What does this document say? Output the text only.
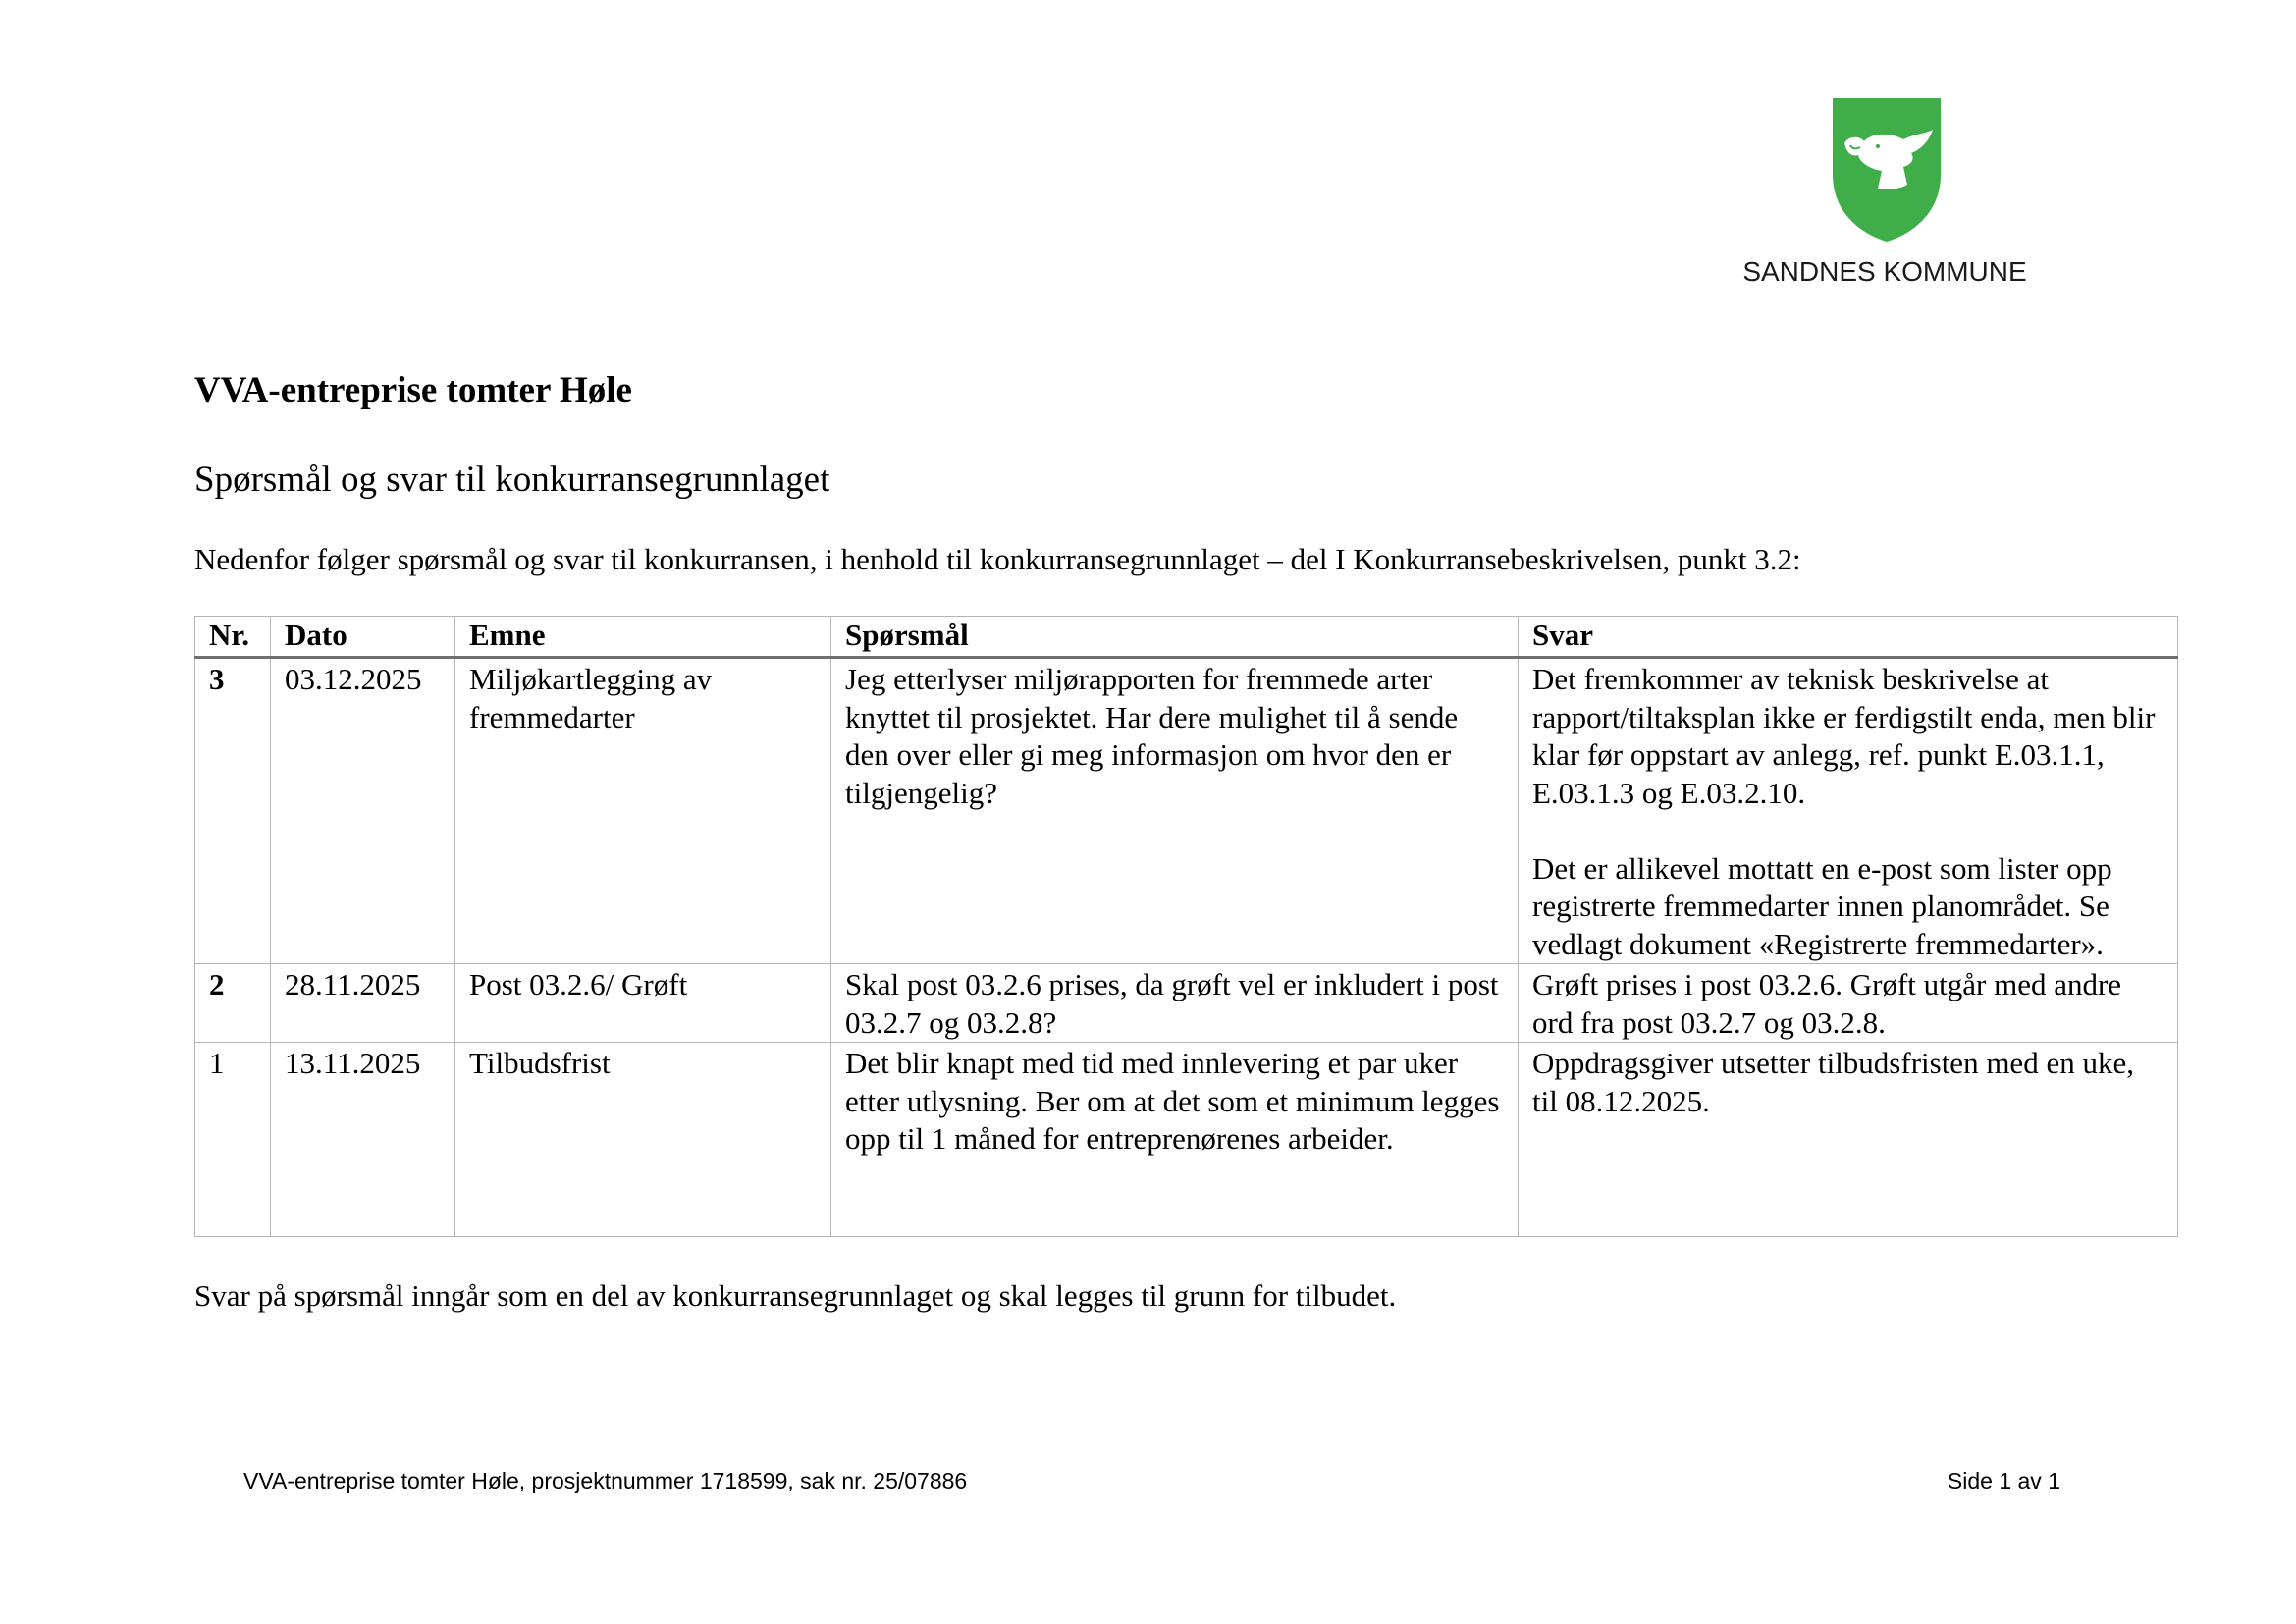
SANDNES KOMMUNE
VVA-entreprise tomter Høle
Spørsmål og svar til konkurransegrunnlaget

Nedenfor følger spørsmål og svar til konkurransen, i henhold til konkurransegrunnlaget – del I Konkurransebeskrivelsen, punkt 3.2:

Nr.	Dato	Emne	Spørsmål	Svar
3	03.12.2025	Miljøkartlegging av fremmedarter	Jeg etterlyser miljørapporten for fremmede arter knyttet til prosjektet. Har dere mulighet til å sende den over eller gi meg informasjon om hvor den er tilgjengelig?	Det fremkommer av teknisk beskrivelse at rapport/tiltaksplan ikke er ferdigstilt enda, men blir klar før oppstart av anlegg, ref. punkt E.03.1.1, E.03.1.3 og E.03.2.10.

Det er allikevel mottatt en e-post som lister opp registrerte fremmedarter innen planområdet. Se vedlagt dokument «Registrerte fremmedarter».

2	28.11.2025	Post 03.2.6/ Grøft	Skal post 03.2.6 prises, da grøft vel er inkludert i post 03.2.7 og 03.2.8?	Grøft prises i post 03.2.6. Grøft utgår med andre ord fra post 03.2.7 og 03.2.8.
1	13.11.2025	Tilbudsfrist	Det blir knapt med tid med innlevering et par uker etter utlysning. Ber om at det som et minimum legges opp til 1 måned for entreprenørenes arbeider.	Oppdragsgiver utsetter tilbudsfristen med en uke, til 08.12.2025.

Svar på spørsmål inngår som en del av konkurransegrunnlaget og skal legges til grunn for tilbudet.

VVA-entreprise tomter Høle, prosjektnummer 1718599, sak nr. 25/07886	Side 1 av 1
